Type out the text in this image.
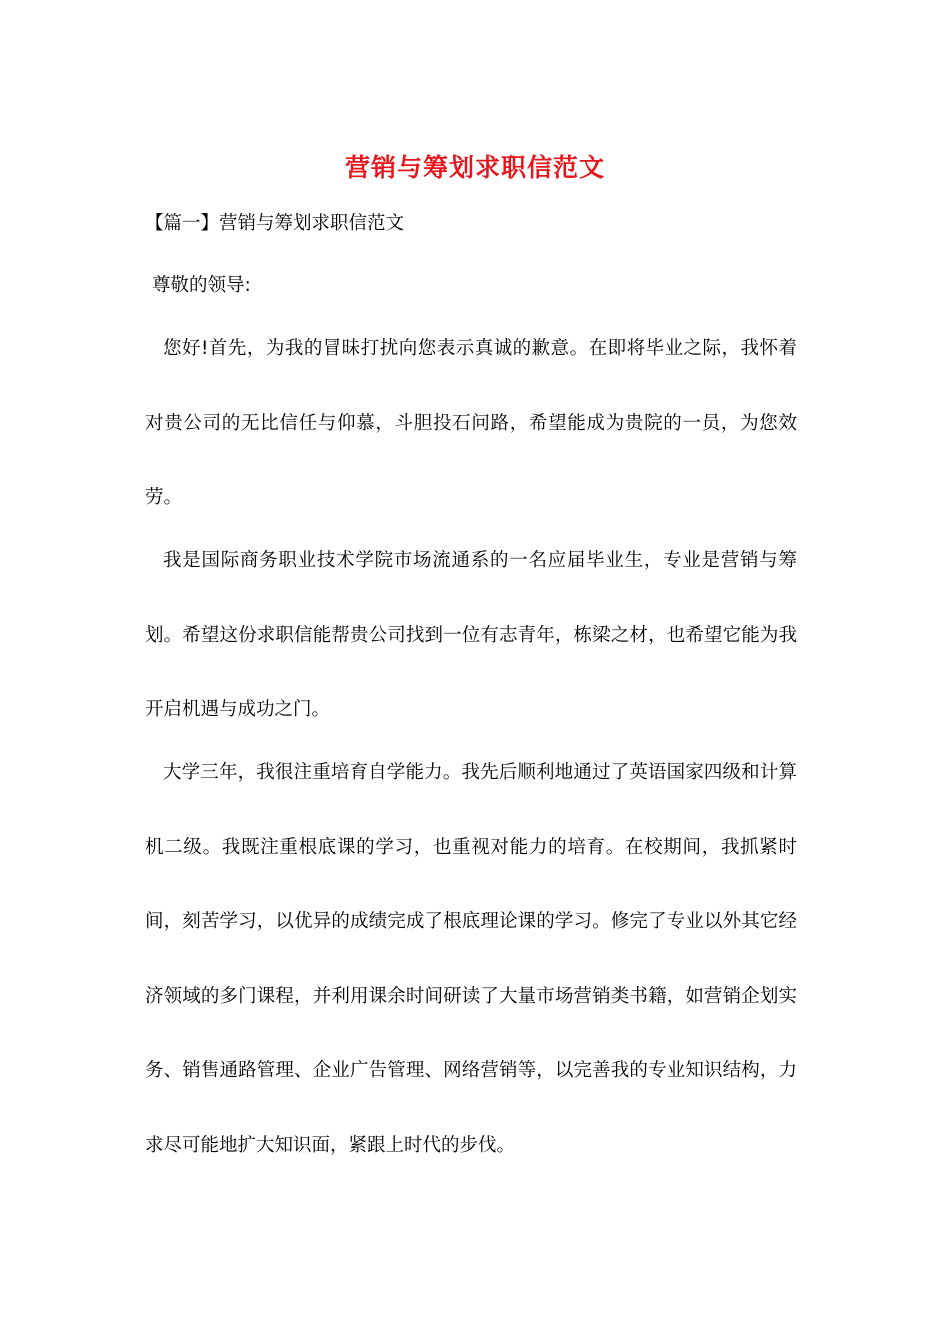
营销与筹划求职信范文
【篇一】营销与筹划求职信范文
尊敬的领导:

您好!首先，为我的冒昧打扰向您表示真诚的歉意。在即将毕业之际，我怀着对贵公司的无比信任与仰慕，斗胆投石问路，希望能成为贵院的一员，为您效劳。

我是国际商务职业技术学院市场流通系的一名应届毕业生，专业是营销与筹划。希望这份求职信能帮贵公司找到一位有志青年，栋梁之材，也希望它能为我开启机遇与成功之门。

大学三年，我很注重培育自学能力。我先后顺利地通过了英语国家四级和计算机二级。我既注重根底课的学习，也重视对能力的培育。在校期间，我抓紧时间，刻苦学习，以优异的成绩完成了根底理论课的学习。修完了专业以外其它经济领域的多门课程，并利用课余时间研读了大量市场营销类书籍，如营销企划实务、销售通路管理、企业广告管理、网络营销等，以完善我的专业知识结构，力求尽可能地扩大知识面，紧跟上时代的步伐。
